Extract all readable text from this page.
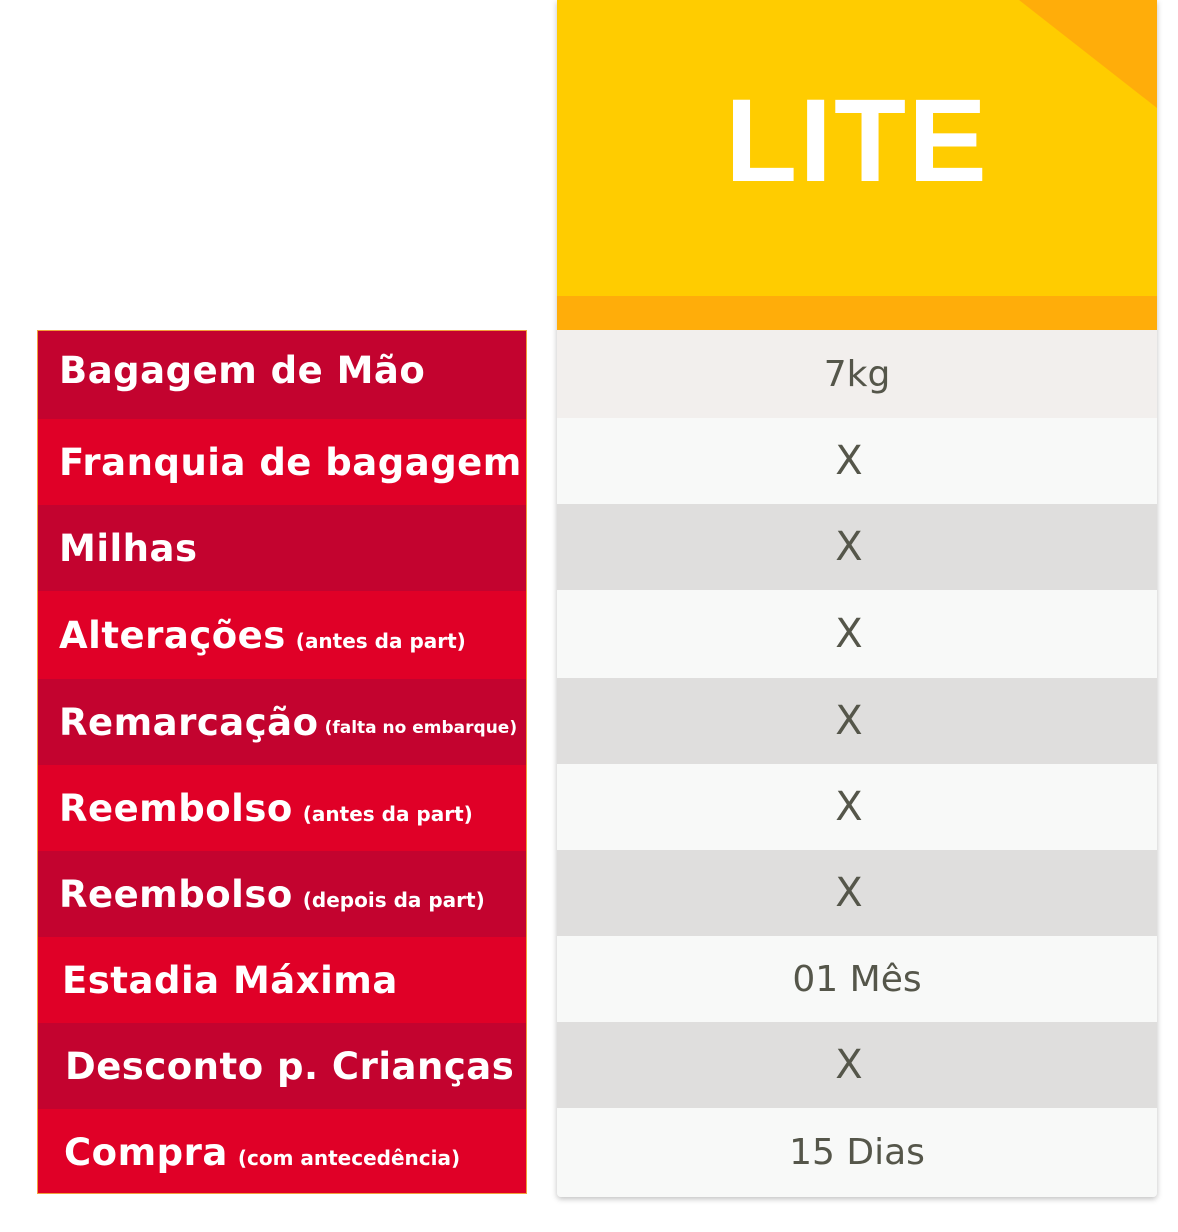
Bagagem de Mão
Franquia de bagagem
Milhas
Alterações (antes da part)
Remarcação (falta no embarque)
Reembolso (antes da part)
Reembolso (depois da part)
Estadia Máxima
Desconto p. Crianças
Compra (com antecedência)
LITE
7kg
X
X
X
X
X
X
01 Mês
X
15 Dias
